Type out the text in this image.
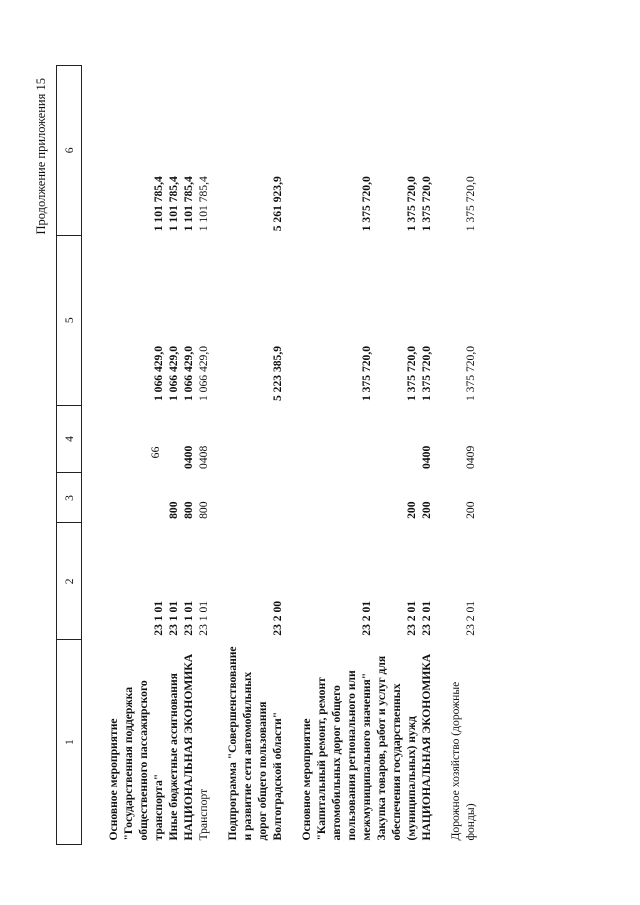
66
Продолжение приложения 15
1	2	3	4	5	6

Основное мероприятие "Государственная поддержка общественного пассажирского транспорта"	23 1 01			1 066 429,0	1 101 785,4
Иные бюджетные ассигнования	23 1 01	800		1 066 429,0	1 101 785,4
НАЦИОНАЛЬНАЯ ЭКОНОМИКА	23 1 01	800	0400	1 066 429,0	1 101 785,4
Транспорт	23 1 01	800	0408	1 066 429,0	1 101 785,4

Подпрограмма "Совершенствование и развитие сети автомобильных дорог общего пользования Волгоградской области"	23 2 00			5 223 385,9	5 261 923,9

Основное мероприятие "Капитальный ремонт, ремонт автомобильных дорог общего пользования регионального или межмуниципального значения"	23 2 01			1 375 720,0	1 375 720,0
Закупка товаров, работ и услуг для обеспечения государственных (муниципальных) нужд	23 2 01	200		1 375 720,0	1 375 720,0
НАЦИОНАЛЬНАЯ ЭКОНОМИКА	23 2 01	200	0400	1 375 720,0	1 375 720,0

Дорожное хозяйство (дорожные фонды)	23 2 01	200	0409	1 375 720,0	1 375 720,0
